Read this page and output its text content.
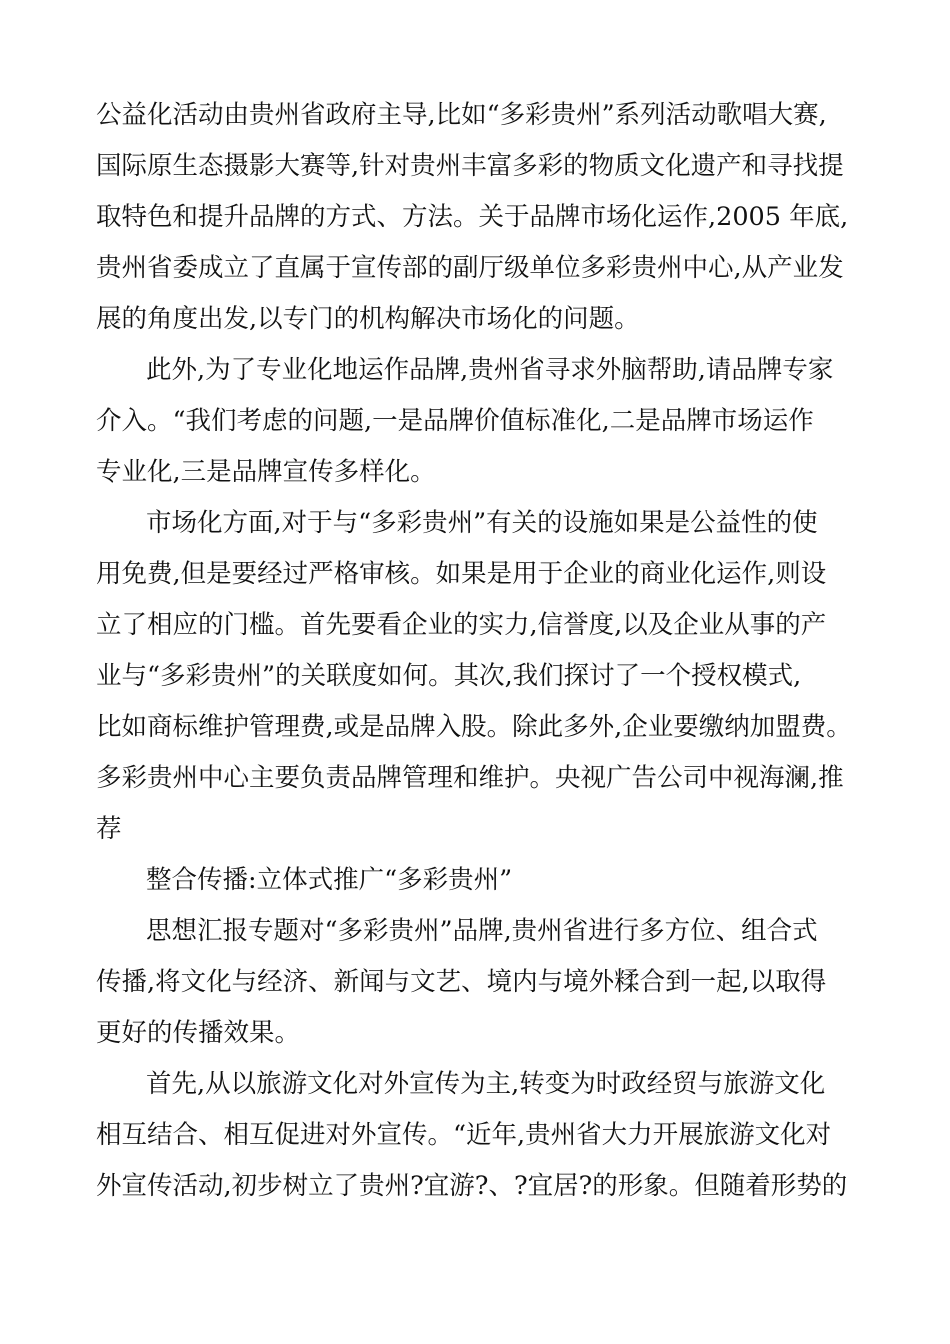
公益化活动由贵州省政府主导,比如“多彩贵州”系列活动歌唱大赛,
国际原生态摄影大赛等,针对贵州丰富多彩的物质文化遗产和寻找提
取特色和提升品牌的方式、方法。关于品牌市场化运作,2005 年底,
贵州省委成立了直属于宣传部的副厅级单位多彩贵州中心,从产业发
展的角度出发,以专门的机构解决市场化的问题。
此外,为了专业化地运作品牌,贵州省寻求外脑帮助,请品牌专家
介入。“我们考虑的问题,一是品牌价值标准化,二是品牌市场运作
专业化,三是品牌宣传多样化。
市场化方面,对于与“多彩贵州”有关的设施如果是公益性的使
用免费,但是要经过严格审核。如果是用于企业的商业化运作,则设
立了相应的门槛。首先要看企业的实力,信誉度,以及企业从事的产
业与“多彩贵州”的关联度如何。其次,我们探讨了一个授权模式,
比如商标维护管理费,或是品牌入股。除此多外,企业要缴纳加盟费。
多彩贵州中心主要负责品牌管理和维护。央视广告公司中视海澜,推
荐
整合传播:立体式推广“多彩贵州”
思想汇报专题对“多彩贵州”品牌,贵州省进行多方位、组合式
传播,将文化与经济、新闻与文艺、境内与境外糅合到一起,以取得
更好的传播效果。
首先,从以旅游文化对外宣传为主,转变为时政经贸与旅游文化
相互结合、相互促进对外宣传。“近年,贵州省大力开展旅游文化对
外宣传活动,初步树立了贵州?宜游?、?宜居?的形象。但随着形势的
